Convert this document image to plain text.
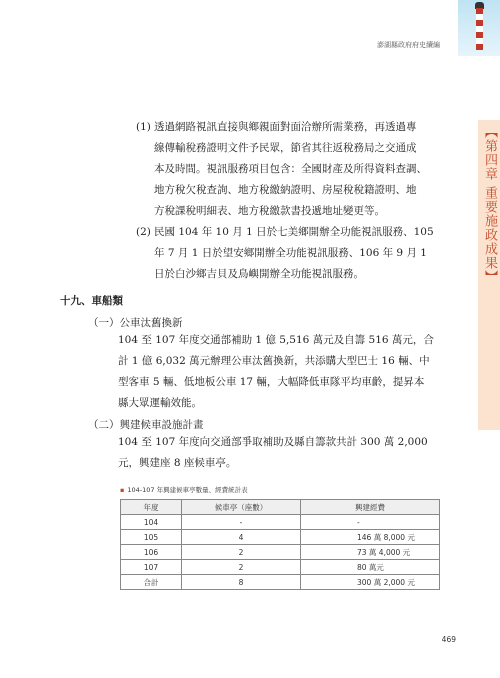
澎湖縣政府府史續編
【第四章 重要施政成果】
(1) 透過網路視訊直接與鄉親面對面洽辦所需業務，再透過專
線傳輸稅務證明文件予民眾，節省其往返稅務局之交通成
本及時間。視訊服務項目包含：全國財產及所得資料查調、
地方稅欠稅查詢、地方稅繳納證明、房屋稅稅籍證明、地
方稅課稅明細表、地方稅繳款書投遞地址變更等。
(2) 民國 104 年 10 月 1 日於七美鄉開辦全功能視訊服務、105
年 7 月 1 日於望安鄉開辦全功能視訊服務、106 年 9 月 1
日於白沙鄉吉貝及鳥嶼開辦全功能視訊服務。
十九、車船類
（一）公車汰舊換新
104 至 107 年度交通部補助 1 億 5,516 萬元及自籌 516 萬元，合
計 1 億 6,032 萬元辦理公車汰舊換新，共添購大型巴士 16 輛、中
型客車 5 輛、低地板公車 17 輛，大幅降低車隊平均車齡，提昇本
縣大眾運輸效能。
（二）興建候車設施計畫
104 至 107 年度向交通部爭取補助及縣自籌款共計 300 萬 2,000
元，興建座 8 座候車亭。
▪ 104-107 年興建候車亭數量、經費統計表
年度	候車亭（座數）	興建經費
104	-	-
105	4	146 萬 8,000 元
106	2	73 萬 4,000 元
107	2	80 萬元
合計	8	300 萬 2,000 元
469
